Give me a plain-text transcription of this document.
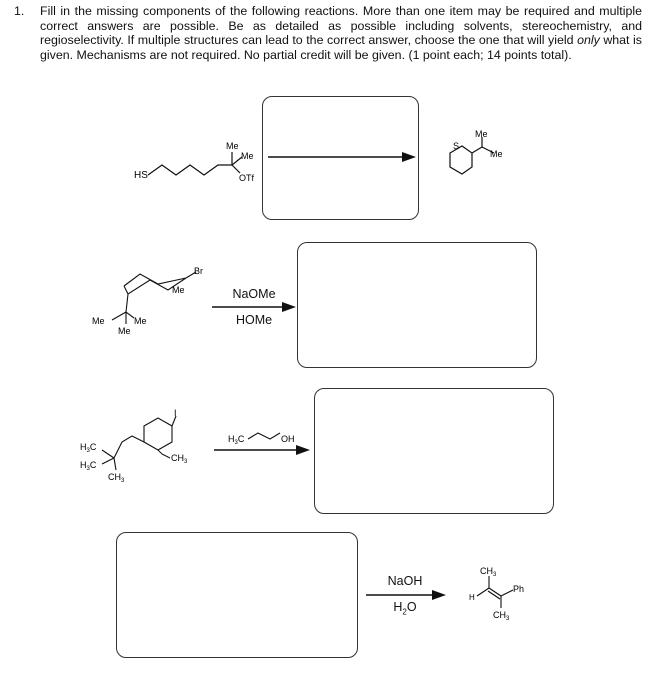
1. Fill in the missing components of the following reactions. More than one item may be required and multiple correct answers are possible. Be as detailed as possible including solvents, stereochemistry, and regioselectivity. If multiple structures can lead to the correct answer, choose the one that will yield only what is given. Mechanisms are not required. No partial credit will be given. (1 point each; 14 points total).
HS
Me
Me
OTf
S
Me
Me
Br
Me
Me	Me
Me
NaOMe
HOMe
I
$CH_3$
$H_3C$
$H_3C$
$CH_3$
$H_3C$	OH
NaOH
$H_2O$
$CH_3$
H
Ph
$CH_3$
